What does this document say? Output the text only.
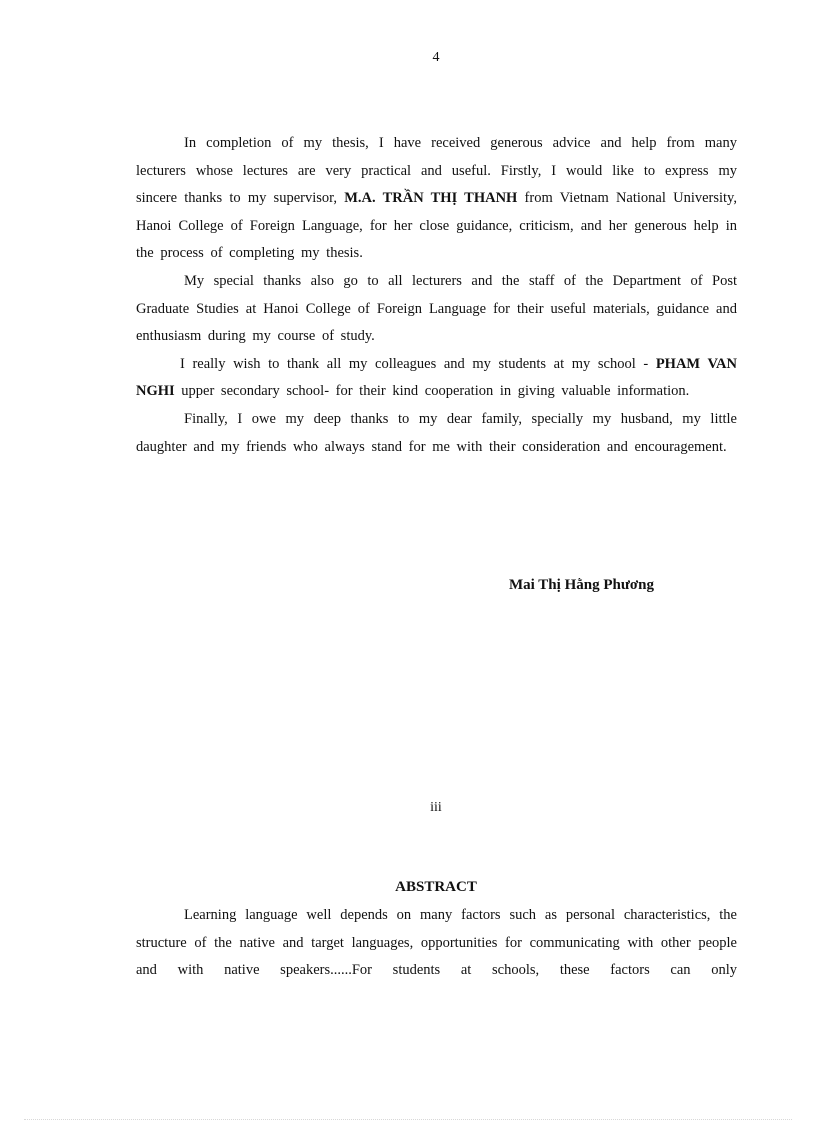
4

In completion of my thesis, I have received generous advice and help from many lecturers whose lectures are very practical and useful. Firstly, I would like to express my sincere thanks to my supervisor, M.A. TRẦN THỊ THANH from Vietnam National University, Hanoi College of Foreign Language, for her close guidance, criticism, and her generous help in the process of completing my thesis.

My special thanks also go to all lecturers and the staff of the Department of Post Graduate Studies at Hanoi College of Foreign Language for their useful materials, guidance and enthusiasm during my course of study.

I really wish to thank all my colleagues and my students at my school - PHAM VAN NGHI upper secondary school- for their kind cooperation in giving valuable information.

Finally, I owe my deep thanks to my dear family, specially my husband, my little daughter and my friends who always stand for me with their consideration and encouragement.

Mai Thị Hằng Phương
iii
ABSTRACT

Learning language well depends on many factors such as personal characteristics, the structure of the native and target languages, opportunities for communicating with other people and with native speakers......For students at schools, these factors can only
